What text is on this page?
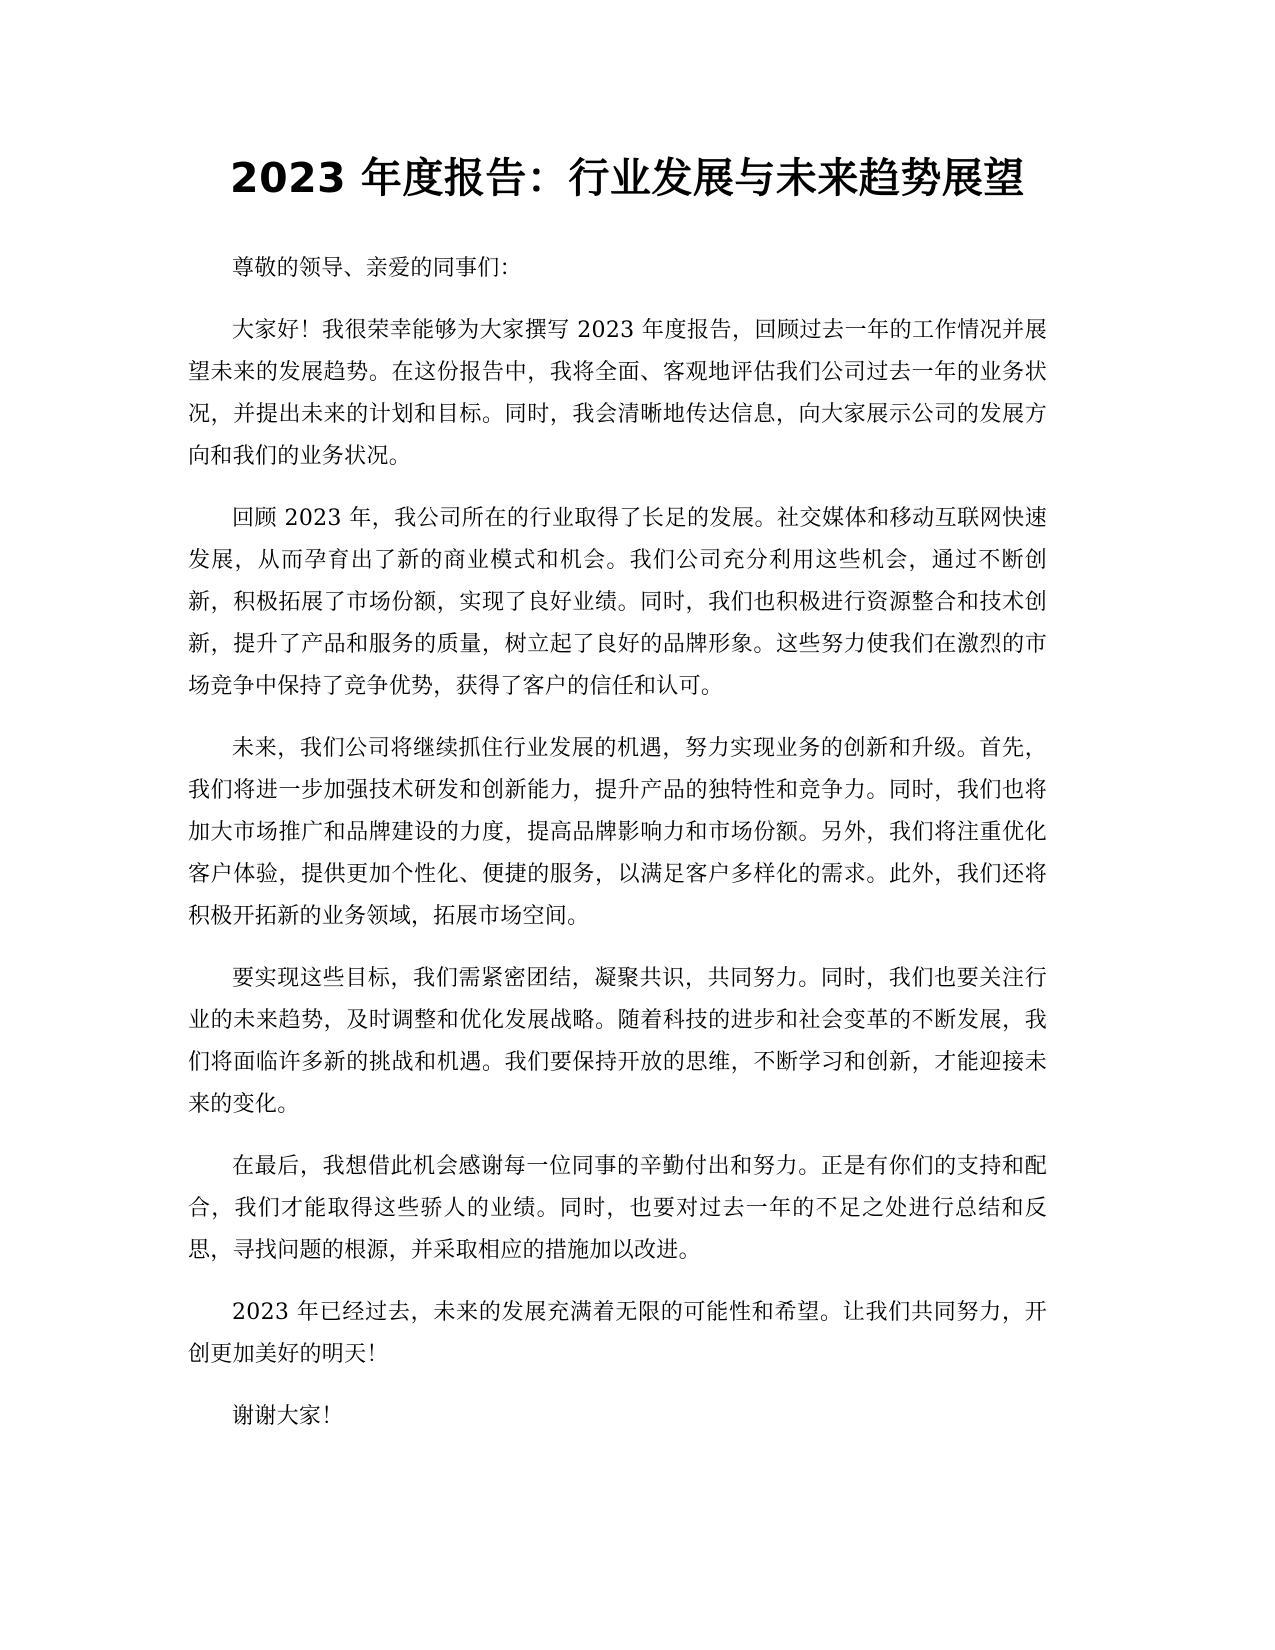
2023 年度报告：行业发展与未来趋势展望

尊敬的领导、亲爱的同事们：

大家好！我很荣幸能够为大家撰写 2023 年度报告，回顾过去一年的工作情况并展望未来的发展趋势。在这份报告中，我将全面、客观地评估我们公司过去一年的业务状况，并提出未来的计划和目标。同时，我会清晰地传达信息，向大家展示公司的发展方向和我们的业务状况。

回顾 2023 年，我公司所在的行业取得了长足的发展。社交媒体和移动互联网快速发展，从而孕育出了新的商业模式和机会。我们公司充分利用这些机会，通过不断创新，积极拓展了市场份额，实现了良好业绩。同时，我们也积极进行资源整合和技术创新，提升了产品和服务的质量，树立起了良好的品牌形象。这些努力使我们在激烈的市场竞争中保持了竞争优势，获得了客户的信任和认可。

未来，我们公司将继续抓住行业发展的机遇，努力实现业务的创新和升级。首先，我们将进一步加强技术研发和创新能力，提升产品的独特性和竞争力。同时，我们也将加大市场推广和品牌建设的力度，提高品牌影响力和市场份额。另外，我们将注重优化客户体验，提供更加个性化、便捷的服务，以满足客户多样化的需求。此外，我们还将积极开拓新的业务领域，拓展市场空间。

要实现这些目标，我们需紧密团结，凝聚共识，共同努力。同时，我们也要关注行业的未来趋势，及时调整和优化发展战略。随着科技的进步和社会变革的不断发展，我们将面临许多新的挑战和机遇。我们要保持开放的思维，不断学习和创新，才能迎接未来的变化。

在最后，我想借此机会感谢每一位同事的辛勤付出和努力。正是有你们的支持和配合，我们才能取得这些骄人的业绩。同时，也要对过去一年的不足之处进行总结和反思，寻找问题的根源，并采取相应的措施加以改进。

2023 年已经过去，未来的发展充满着无限的可能性和希望。让我们共同努力，开创更加美好的明天！

谢谢大家！
